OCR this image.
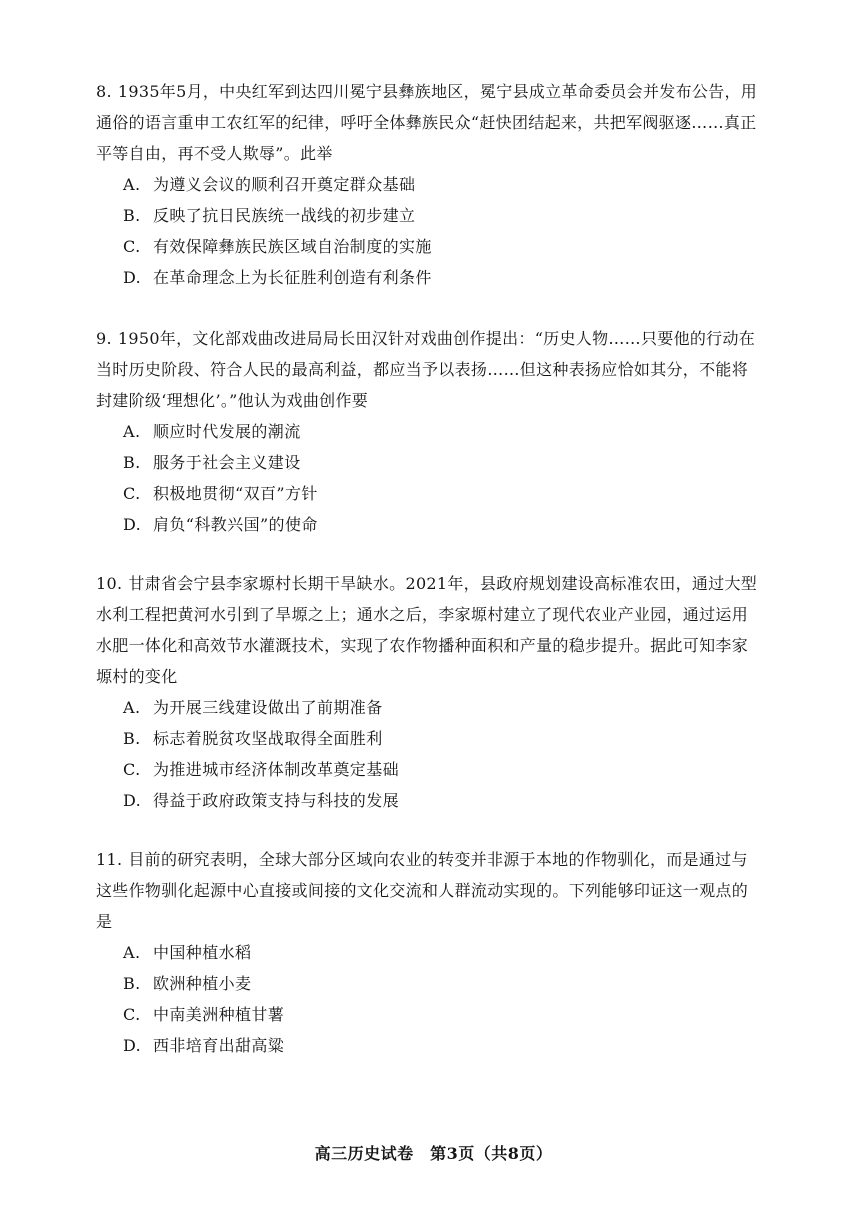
8. 1935年5月，中央红军到达四川冕宁县彝族地区，冕宁县成立革命委员会并发布公告，用通俗的语言重申工农红军的纪律，呼吁全体彝族民众“赶快团结起来，共把军阀驱逐……真正平等自由，再不受人欺辱”。此举
A. 为遵义会议的顺利召开奠定群众基础
B. 反映了抗日民族统一战线的初步建立
C. 有效保障彝族民族区域自治制度的实施
D. 在革命理念上为长征胜利创造有利条件
9. 1950年，文化部戏曲改进局局长田汉针对戏曲创作提出：“历史人物……只要他的行动在当时历史阶段、符合人民的最高利益，都应当予以表扬……但这种表扬应恰如其分，不能将封建阶级‘理想化’。”他认为戏曲创作要
A. 顺应时代发展的潮流
B. 服务于社会主义建设
C. 积极地贯彻“双百”方针
D. 肩负“科教兴国”的使命
10. 甘肃省会宁县李家塬村长期干旱缺水。2021年，县政府规划建设高标准农田，通过大型水利工程把黄河水引到了旱塬之上；通水之后，李家塬村建立了现代农业产业园，通过运用水肥一体化和高效节水灌溉技术，实现了农作物播种面积和产量的稳步提升。据此可知李家塬村的变化
A. 为开展三线建设做出了前期准备
B. 标志着脱贫攻坚战取得全面胜利
C. 为推进城市经济体制改革奠定基础
D. 得益于政府政策支持与科技的发展
11. 目前的研究表明，全球大部分区域向农业的转变并非源于本地的作物驯化，而是通过与这些作物驯化起源中心直接或间接的文化交流和人群流动实现的。下列能够印证这一观点的是
A. 中国种植水稻
B. 欧洲种植小麦
C. 中南美洲种植甘薯
D. 西非培育出甜高粱
高三历史试卷　第3页（共8页）
